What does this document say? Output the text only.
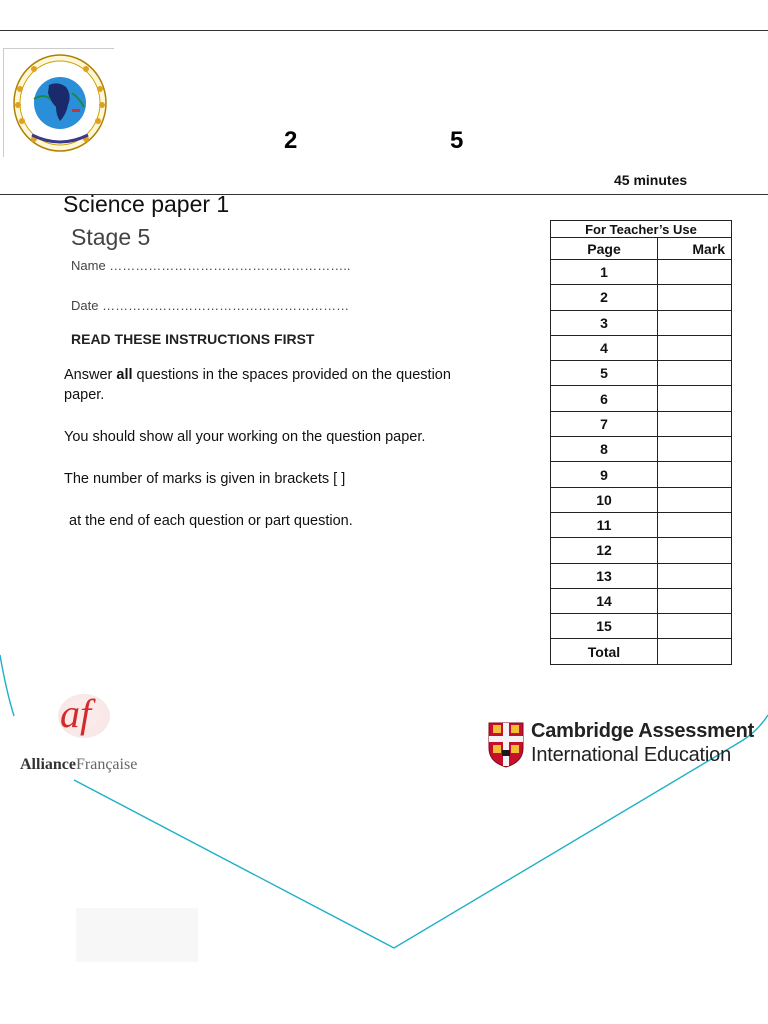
2	5
45 minutes
Science paper 1
Stage 5
Name ………………………………………………..
Date …………………………………………………
READ THESE INSTRUCTIONS FIRST
Answer all questions in the spaces provided on the question
paper.
You should show all your working on the question paper.
The number of marks is given in brackets [ ]
at the end of each question or part question.
For Teacher’s Use	
Page	Mark
1	
2	
3	
4	
5	
6	
7	
8	
9	
10	
11	
12	
13	
14	
15	
Total	
af
AllianceFrançaise
Cambridge Assessment
International Education
